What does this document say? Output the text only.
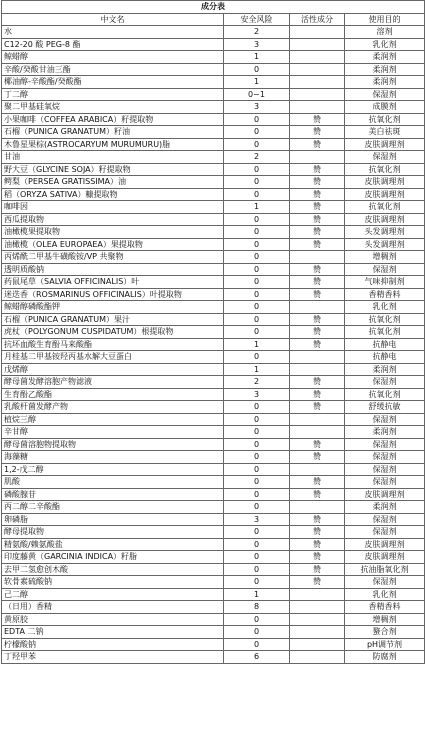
成分表			
中文名	安全风险	活性成分	使用目的
水	2		溶剂
C12-20 酸 PEG-8 酯	3		乳化剂
鲸蜡醇	1		柔润剂
辛酸/癸酸甘油三酯	0		柔润剂
椰油醇-辛酸酯/癸酸酯	1		柔润剂
丁二醇	0~1		保湿剂
聚二甲基硅氧烷	3		成膜剂
小果咖啡（COFFEA ARABICA）籽提取物	0	赞	抗氧化剂
石榴（PUNICA GRANATUM）籽油	0	赞	美白祛斑
木鲁星果棕(ASTROCARYUM MURUMURU)脂	0	赞	皮肤调理剂
甘油	2		保湿剂
野大豆（GLYCINE SOJA）籽提取物	0	赞	抗氧化剂
鳄梨（PERSEA GRATISSIMA）油	0	赞	皮肤调理剂
稻（ORYZA SATIVA）糠提取物	0	赞	皮肤调理剂
咖啡因	1	赞	抗氧化剂
西瓜提取物	0	赞	皮肤调理剂
油橄榄果提取物	0	赞	头发调理剂
油橄榄（OLEA EUROPAEA）果提取物	0	赞	头发调理剂
丙烯酰二甲基牛磺酸铵/VP 共聚物	0		增稠剂
透明质酸钠	0	赞	保湿剂
药鼠尾草（SALVIA OFFICINALIS）叶	0	赞	气味抑制剂
迷迭香（ROSMARINUS OFFICINALIS）叶提取物	0	赞	香精香料
鲸蜡醇磷酸酯钾	0		乳化剂
石榴（PUNICA GRANATUM）果汁	0	赞	抗氧化剂
虎杖（POLYGONUM CUSPIDATUM）根提取物	0	赞	抗氧化剂
抗坏血酸生育酚马来酸酯	1	赞	抗静电
月桂基二甲基铵羟丙基水解大豆蛋白	0		抗静电
戊烯醇	1		柔润剂
酵母菌发酵溶胞产物滤液	2	赞	保湿剂
生育酚乙酸酯	3	赞	抗氧化剂
乳酸杆菌发酵产物	0	赞	舒缓抗敏
植烷三醇	0		保湿剂
辛甘醇	0		柔润剂
酵母菌溶胞物提取物	0	赞	保湿剂
海藻糖	0	赞	保湿剂
1,2-戊二醇	0		保湿剂
肌酸	0	赞	保湿剂
磷酸腺苷	0	赞	皮肤调理剂
丙二醇二辛酸酯	0		柔润剂
卵磷脂	3	赞	保湿剂
酵母提取物	0	赞	保湿剂
精氨酸/赖氨酸盐	0	赞	皮肤调理剂
印度藤黄（GARCINIA INDICA）籽脂	0	赞	皮肤调理剂
去甲二氢愈创木酸	0	赞	抗油脂氧化剂
软骨素硫酸钠	0	赞	保湿剂
己二醇	1		乳化剂
（日用）香精	8		香精香料
黄原胶	0		增稠剂
EDTA 二钠	0		螯合剂
柠檬酸钠	0		pH调节剂
丁羟甲苯	6		防腐剂
